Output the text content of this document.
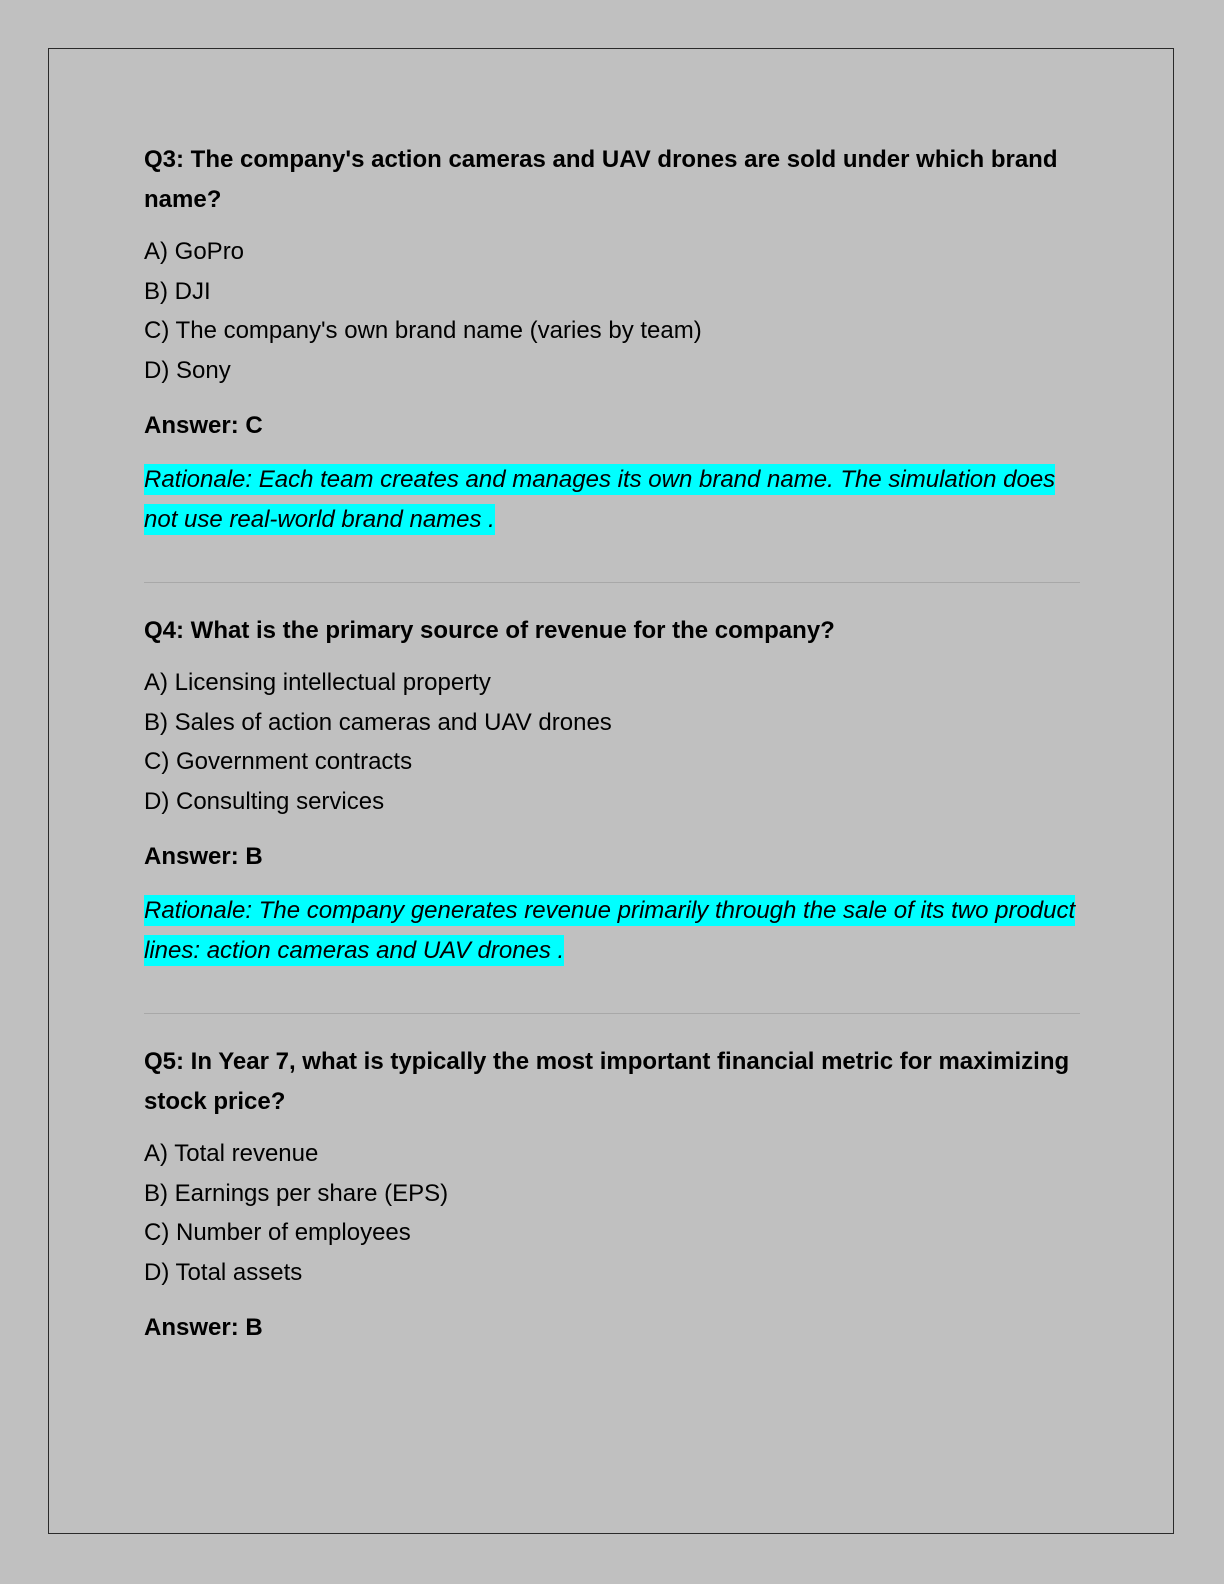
Q3: The company's action cameras and UAV drones are sold under which brand name?

A) GoPro
B) DJI
C) The company's own brand name (varies by team)
D) Sony

Answer: C

Rationale: Each team creates and manages its own brand name. The simulation does not use real-world brand names .

Q4: What is the primary source of revenue for the company?

A) Licensing intellectual property
B) Sales of action cameras and UAV drones
C) Government contracts
D) Consulting services

Answer: B

Rationale: The company generates revenue primarily through the sale of its two product lines: action cameras and UAV drones .

Q5: In Year 7, what is typically the most important financial metric for maximizing stock price?

A) Total revenue
B) Earnings per share (EPS)
C) Number of employees
D) Total assets

Answer: B
